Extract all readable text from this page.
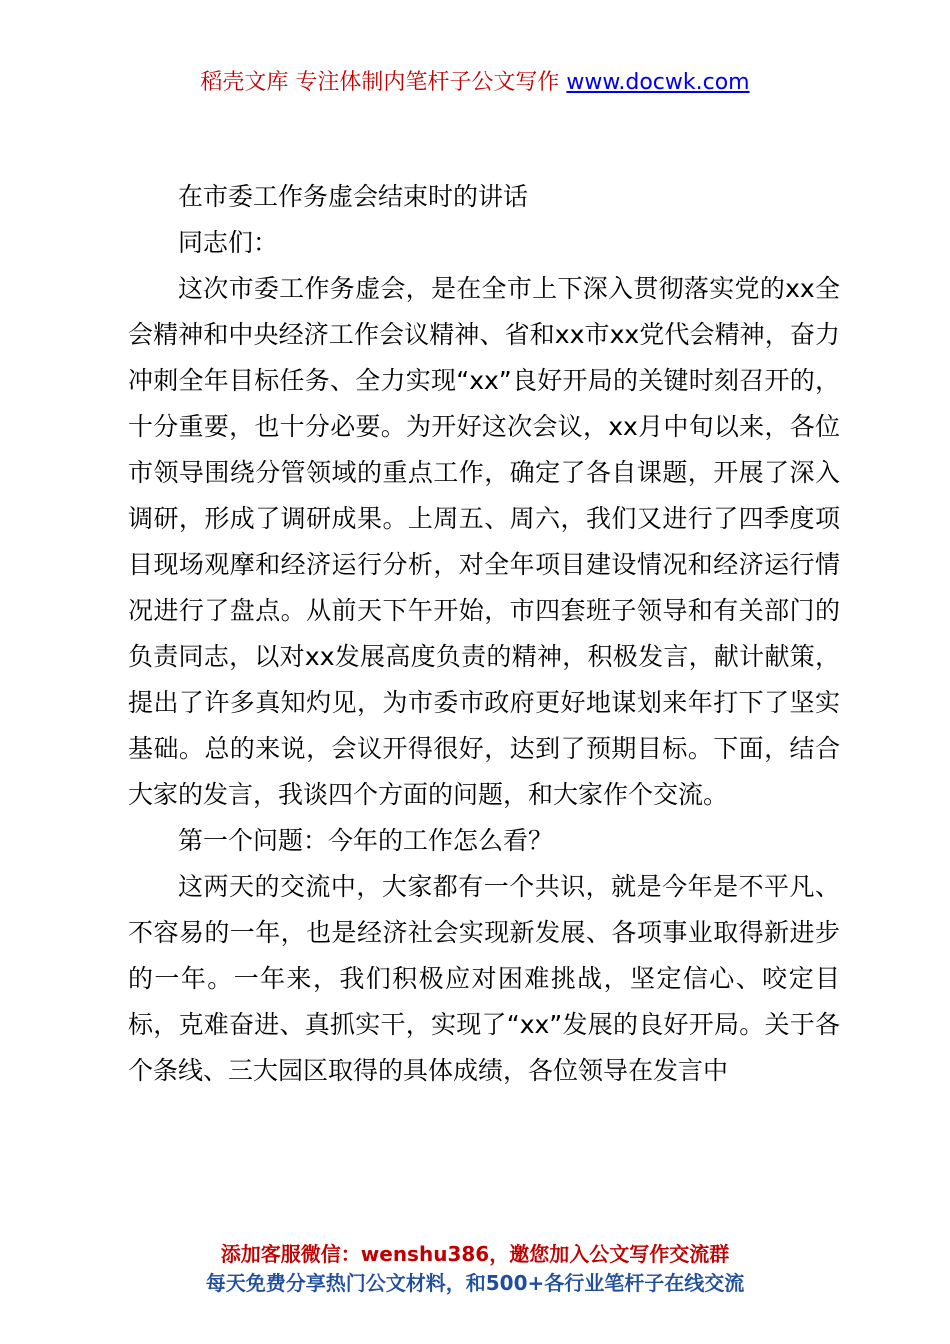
稻壳文库 专注体制内笔杆子公文写作 www.docwk.com

在市委工作务虚会结束时的讲话

同志们：

这次市委工作务虚会，是在全市上下深入贯彻落实党的xx全会精神和中央经济工作会议精神、省和xx市xx党代会精神，奋力冲刺全年目标任务、全力实现“xx”良好开局的关键时刻召开的，十分重要，也十分必要。为开好这次会议，xx月中旬以来，各位市领导围绕分管领域的重点工作，确定了各自课题，开展了深入调研，形成了调研成果。上周五、周六，我们又进行了四季度项目现场观摩和经济运行分析，对全年项目建设情况和经济运行情况进行了盘点。从前天下午开始，市四套班子领导和有关部门的负责同志，以对xx发展高度负责的精神，积极发言，献计献策，提出了许多真知灼见，为市委市政府更好地谋划来年打下了坚实基础。总的来说，会议开得很好，达到了预期目标。下面，结合大家的发言，我谈四个方面的问题，和大家作个交流。

第一个问题：今年的工作怎么看？

这两天的交流中，大家都有一个共识，就是今年是不平凡、不容易的一年，也是经济社会实现新发展、各项事业取得新进步的一年。一年来，我们积极应对困难挑战，坚定信心、咬定目标，克难奋进、真抓实干，实现了“xx”发展的良好开局。关于各个条线、三大园区取得的具体成绩，各位领导在发言中

添加客服微信：wenshu386，邀您加入公文写作交流群
每天免费分享热门公文材料，和500+各行业笔杆子在线交流
